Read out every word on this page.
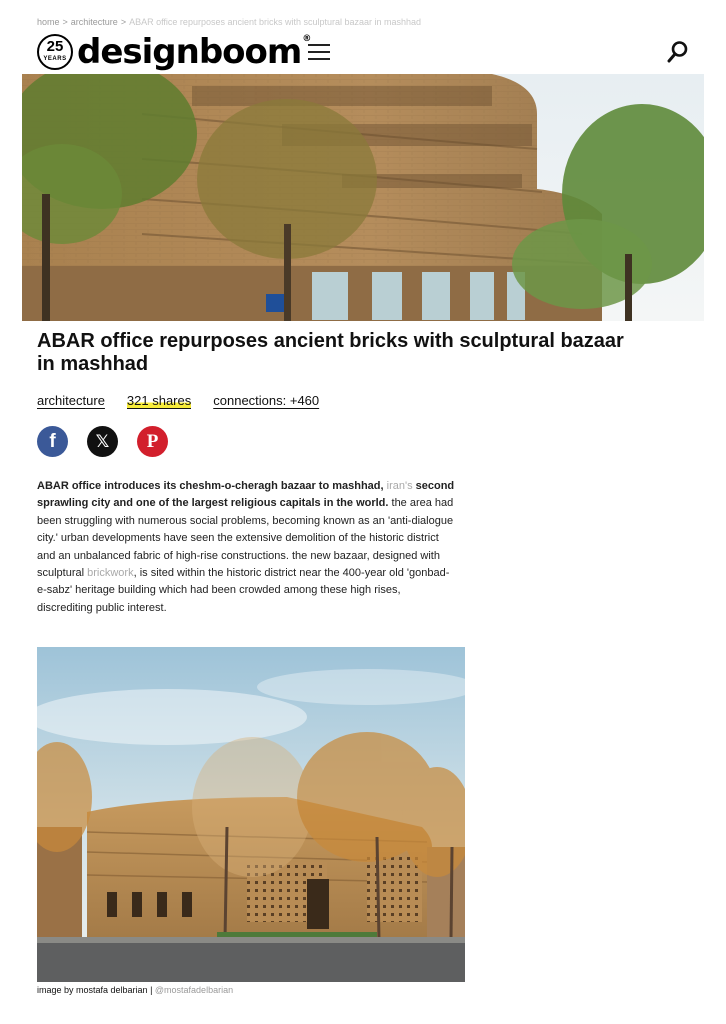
home > architecture > ABAR office repurposes ancient bricks with sculptural bazaar in mashhad
25
YEARS designboom®
ABAR office repurposes ancient bricks with sculptural bazaar in mashhad
architecture 321 shares connections: +460
f	𝕏	P

ABAR office introduces its cheshm-o-cheragh bazaar to mashhad, iran's second sprawling city and one of the largest religious capitals in the world. the area had been struggling with numerous social problems, becoming known as an 'anti-dialogue city.' urban developments have seen the extensive demolition of the historic district and an unbalanced fabric of high-rise constructions. the new bazaar, designed with sculptural brickwork, is sited within the historic district near the 400-year old 'gonbad-e-sabz' heritage building which had been crowded among these high rises, discrediting public interest.

image by mostafa delbarian | @mostafadelbarian
